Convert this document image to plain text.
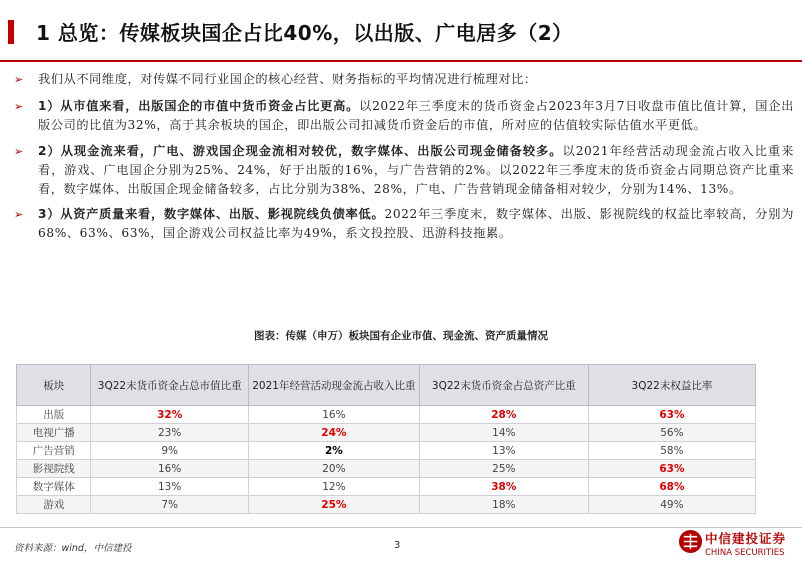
1 总览：传媒板块国企占比40%，以出版、广电居多（2）
➢	我们从不同维度，对传媒不同行业国企的核心经营、财务指标的平均情况进行梳理对比：
➢	1）从市值来看，出版国企的市值中货币资金占比更高。以2022年三季度末的货币资金占2023年3月7日收盘市值比值计算，国企出版公司的比值为32%，高于其余板块的国企，即出版公司扣减货币资金后的市值，所对应的估值较实际估值水平更低。
➢	2）从现金流来看，广电、游戏国企现金流相对较优，数字媒体、出版公司现金储备较多。以2021年经营活动现金流占收入比重来看，游戏、广电国企分别为25%、24%，好于出版的16%，与广告营销的2%。以2022年三季度末的货币资金占同期总资产比重来看，数字媒体、出版国企现金储备较多，占比分别为38%、28%，广电、广告营销现金储备相对较少，分别为14%、13%。
➢	3）从资产质量来看，数字媒体、出版、影视院线负债率低。2022年三季度末，数字媒体、出版、影视院线的权益比率较高，分别为68%、63%、63%，国企游戏公司权益比率为49%，系文投控股、迅游科技拖累。
图表：传媒（申万）板块国有企业市值、现金流、资产质量情况
板块	3Q22末货币资金占总市值比重	2021年经营活动现金流占收入比重	3Q22末货币资金占总资产比重	3Q22末权益比率
出版	32%	16%	28%	63%
电视广播	23%	24%	14%	56%
广告营销	9%	2%	13%	58%
影视院线	16%	20%	25%	63%
数字媒体	13%	12%	38%	68%
游戏	7%	25%	18%	49%
资料来源：wind，中信建投	3	中信建投证券
CHINA SECURITIES
